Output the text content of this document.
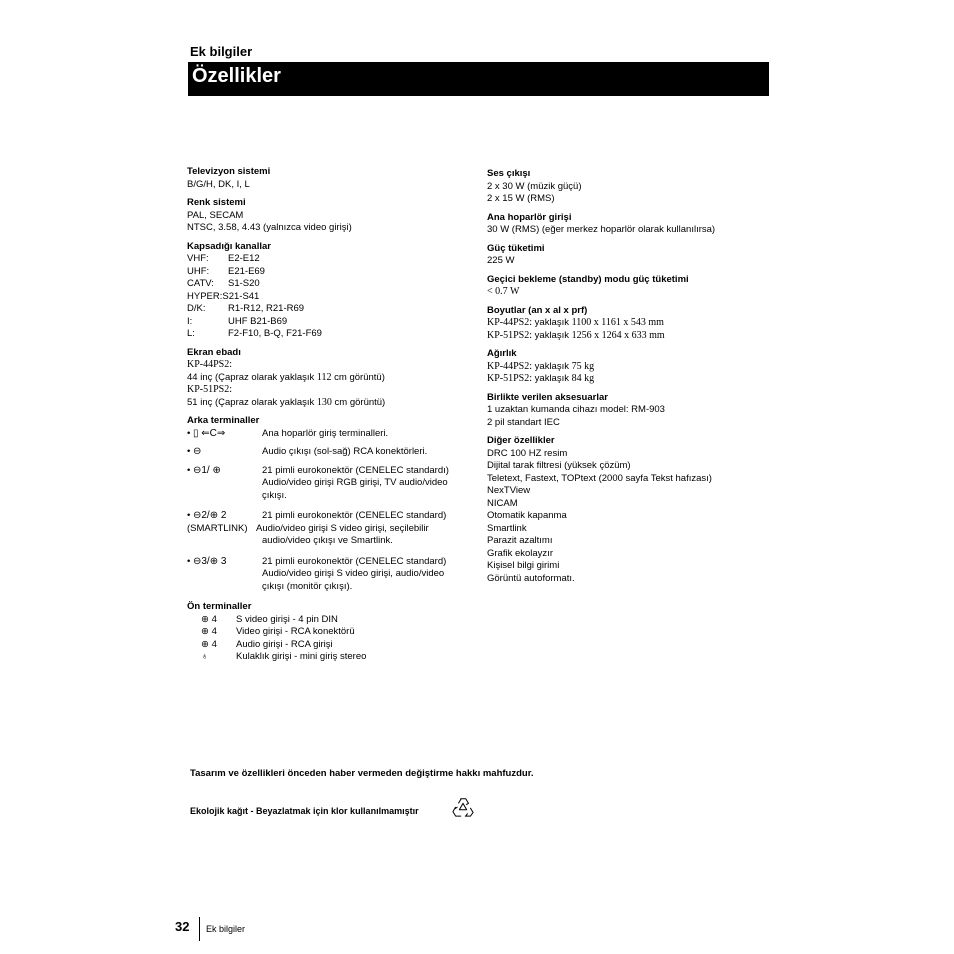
Ek bilgiler
Özellikler
Televizyon sistemi
B/G/H, DK, I, L
Renk sistemi
PAL, SECAM
NTSC, 3.58, 4.43 (yalnızca video girişi)
Kapsadığı kanallar
VHF:	E2-E12
UHF:	E21-E69
CATV:	S1-S20
HYPER: S21-S41
D/K:	R1-R12, R21-R69
I:	UHF B21-B69
L:	F2-F10, B-Q, F21-F69
Ekran ebadı
KP-44PS2:
44 inç (Çapraz olarak yaklaşık 112 cm görüntü)
KP-51PS2:
51 inç (Çapraz olarak yaklaşık 130 cm görüntü)
Arka terminaller
• ▯ ⇐C⇒	Ana hoparlör giriş terminalleri.
• ⊖	Audio çıkışı (sol-sağ) RCA konektörleri.
• ⊖1/ ⊕	21 pimli eurokonektör (CENELEC standardı)
Audio/video girişi RGB girişi, TV audio/video
çıkışı.
• ⊖2/⊕ 2	21 pimli eurokonektör (CENELEC standard)
(SMARTLINK) Audio/video girişi S video girişi, seçilebilir
audio/video çıkışı ve Smartlink.
• ⊖3/⊕ 3	21 pimli eurokonektör (CENELEC standard)
Audio/video girişi S video girişi, audio/video
çıkışı (monitör çıkışı).
Ön terminaller
⊕ 4	S video girişi - 4 pin DIN
⊕ 4	Video girişi - RCA konektörü
⊕ 4	Audio girişi - RCA girişi
♁	Kulaklık girişi - mini giriş stereo
Ses çıkışı
2 x 30 W (müzik güçü)
2 x 15 W (RMS)
Ana hoparlör girişi
30 W (RMS) (eğer merkez hoparlör olarak kullanılırsa)
Güç tüketimi
225 W
Geçici bekleme (standby) modu güç tüketimi
< 0.7 W
Boyutlar (an x al x prf)
KP-44PS2: yaklaşık 1100 x 1161 x 543 mm
KP-51PS2: yaklaşık 1256 x 1264 x 633 mm
Ağırlık
KP-44PS2: yaklaşık 75 kg
KP-51PS2: yaklaşık 84 kg
Birlikte verilen aksesuarlar
1 uzaktan kumanda cihazı model: RM-903
2 pil standart IEC
Diğer özellikler
DRC 100 HZ resim
Dijital tarak filtresi (yüksek çözüm)
Teletext, Fastext, TOPtext (2000 sayfa Tekst hafızası)
NexTView
NICAM
Otomatik kapanma
Smartlink
Parazit azaltımı
Grafik ekolayzır
Kişisel bilgi girimi
Görüntü autoformatı.
Tasarım ve özellikleri önceden haber vermeden değiştirme hakkı mahfuzdur.
Ekolojik kağıt - Beyazlatmak için klor kullanılmamıştır
32 Ek bilgiler
